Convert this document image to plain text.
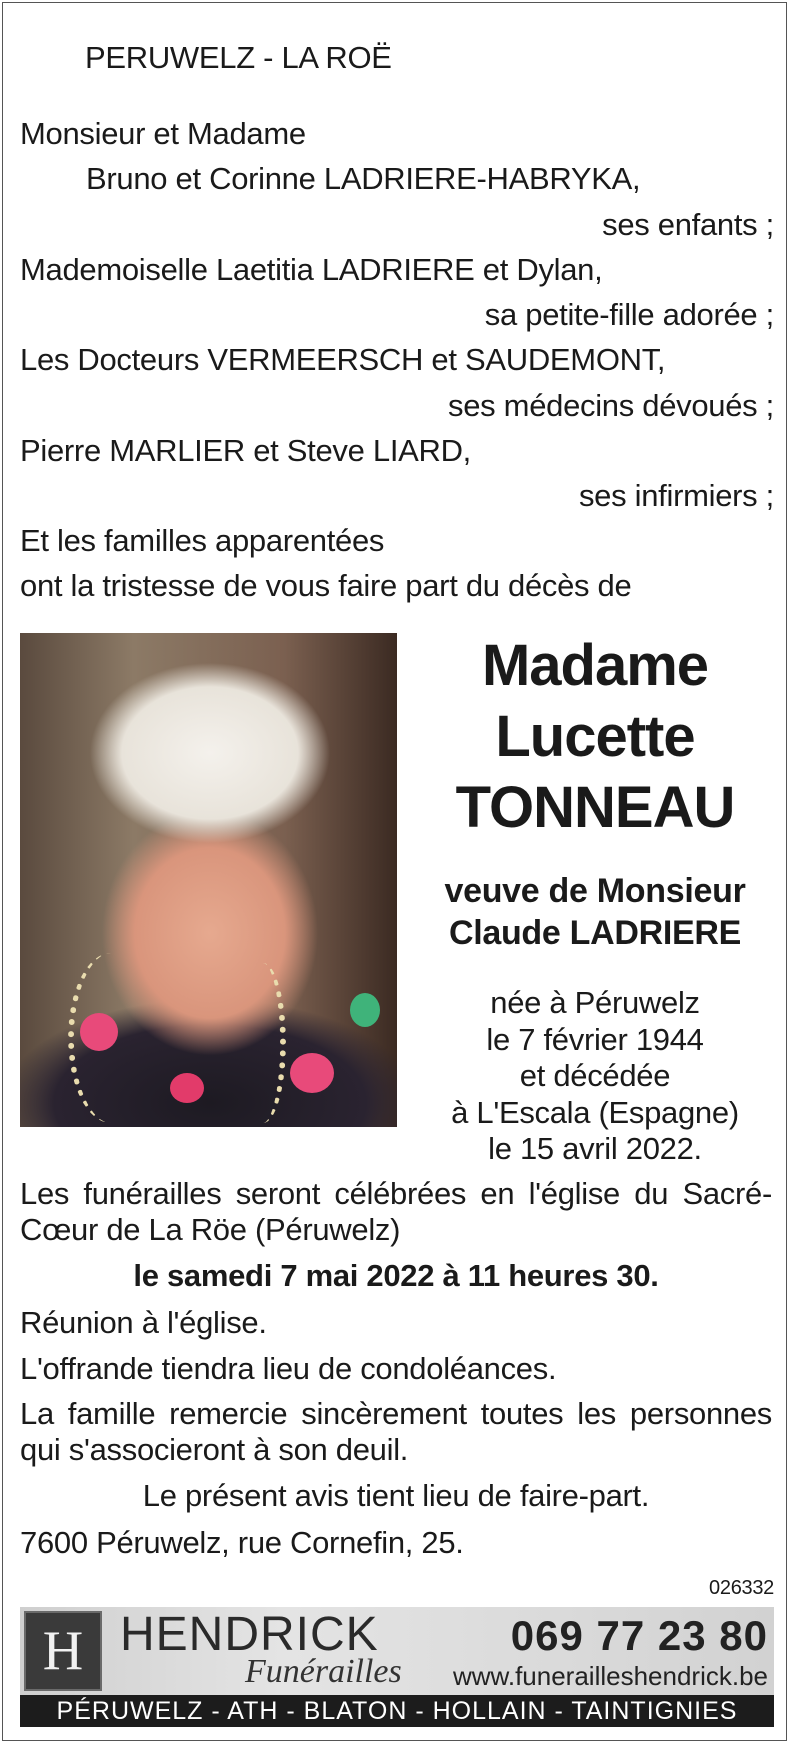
PERUWELZ - LA ROË
Monsieur et Madame
Bruno et Corinne LADRIERE-HABRYKA,
ses enfants ;
Mademoiselle Laetitia LADRIERE et Dylan,
sa petite-fille adorée ;
Les Docteurs VERMEERSCH et SAUDEMONT,
ses médecins dévoués ;
Pierre MARLIER et Steve LIARD,
ses infirmiers ;
Et les familles apparentées
ont la tristesse de vous faire part du décès de
Madame
Lucette
TONNEAU
veuve de Monsieur
Claude LADRIERE
née à Péruwelz
le 7 février 1944
et décédée
à L'Escala (Espagne)
le 15 avril 2022.
Les funérailles seront célébrées en l'église du Sacré-Cœur de La Röe (Péruwelz)
le samedi 7 mai 2022 à 11 heures 30.
Réunion à l'église.
L'offrande tiendra lieu de condoléances.
La famille remercie sincèrement toutes les personnes qui s'associeront à son deuil.
Le présent avis tient lieu de faire-part.
7600 Péruwelz, rue Cornefin, 25.
026332
H HENDRICK
Funérailles
069 77 23 80
www.funerailleshendrick.be
PÉRUWELZ - ATH - BLATON - HOLLAIN - TAINTIGNIES
